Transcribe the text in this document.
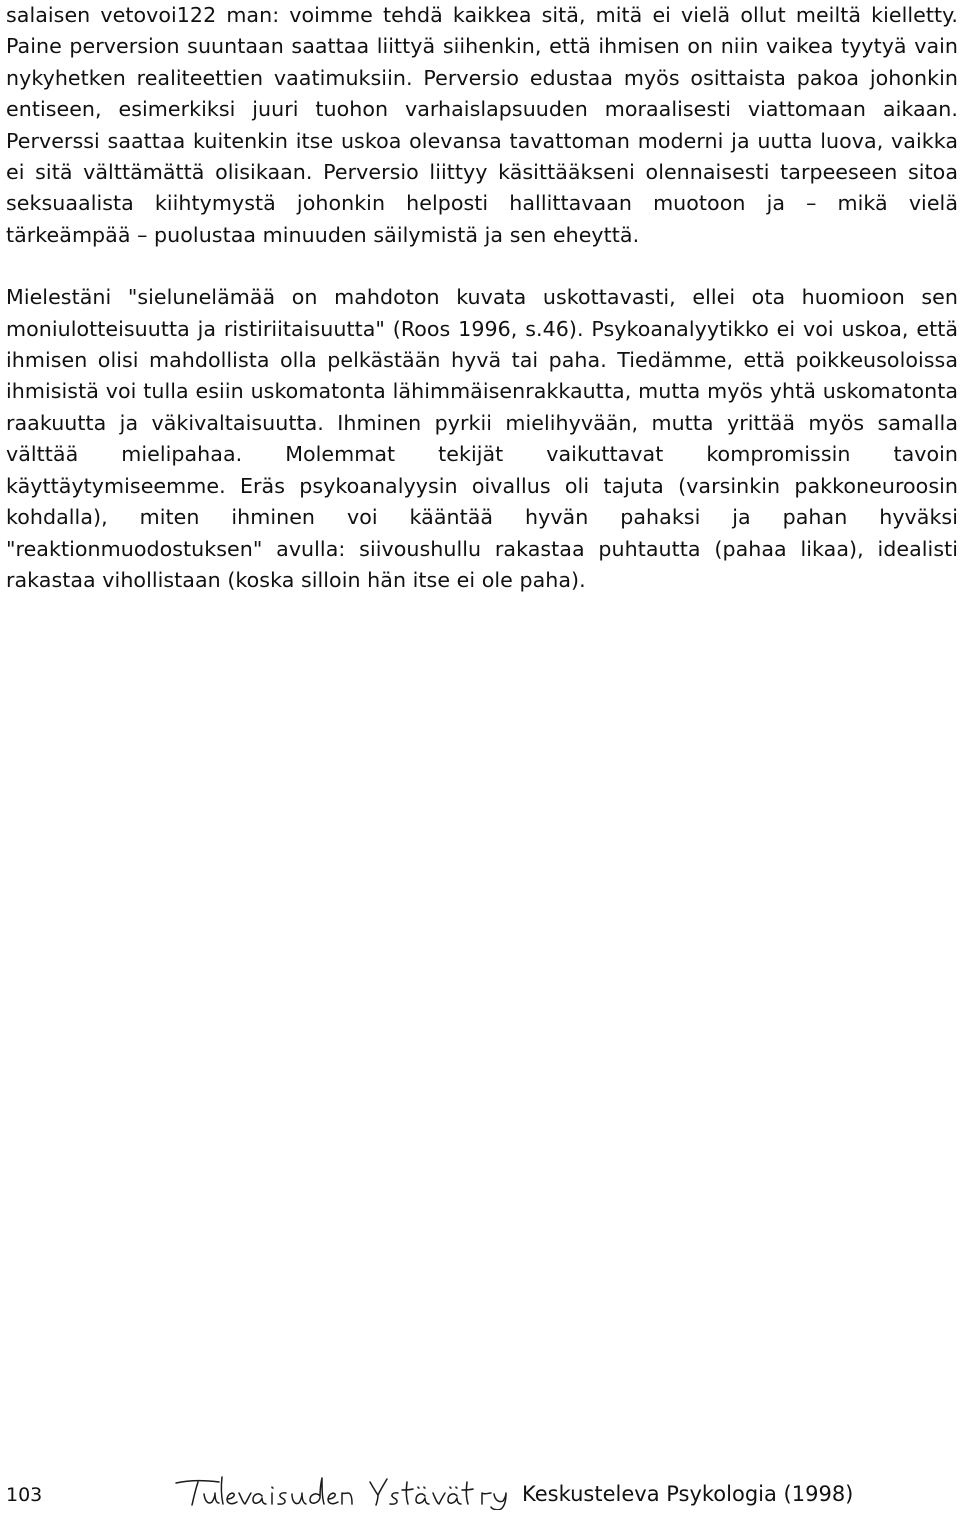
salaisen vetovoi122 man: voimme tehdä kaikkea sitä, mitä ei vielä ollut meiltä kielletty. Paine perversion suuntaan saattaa liittyä siihenkin, että ihmisen on niin vaikea tyytyä vain nykyhetken realiteettien vaatimuksiin. Perversio edustaa myös osittaista pakoa johonkin entiseen, esimerkiksi juuri tuohon varhaislapsuuden moraalisesti viattomaan aikaan. Perverssi saattaa kuitenkin itse uskoa olevansa tavattoman moderni ja uutta luova, vaikka ei sitä välttämättä olisikaan. Perversio liittyy käsittääkseni olennaisesti tarpeeseen sitoa seksuaalista kiihtymystä johonkin helposti hallittavaan muotoon ja – mikä vielä tärkeämpää – puolustaa minuuden säilymistä ja sen eheyttä.

Mielestäni "sielunelämää on mahdoton kuvata uskottavasti, ellei ota huomioon sen moniulotteisuutta ja ristiriitaisuutta" (Roos 1996, s.46). Psykoanalyytikko ei voi uskoa, että ihmisen olisi mahdollista olla pelkästään hyvä tai paha. Tiedämme, että poikkeusoloissa ihmisistä voi tulla esiin uskomatonta lähimmäisenrakkautta, mutta myös yhtä uskomatonta raakuutta ja väkivaltaisuutta. Ihminen pyrkii mielihyvään, mutta yrittää myös samalla välttää mielipahaa. Molemmat tekijät vaikuttavat kompromissin tavoin käyttäytymiseemme. Eräs psykoanalyysin oivallus oli tajuta (varsinkin pakkoneuroosin kohdalla), miten ihminen voi kääntää hyvän pahaksi ja pahan hyväksi "reaktionmuodostuksen" avulla: siivoushullu rakastaa puhtautta (pahaa likaa), idealisti rakastaa vihollistaan (koska silloin hän itse ei ole paha).

103	Keskusteleva Psykologia (1998)
